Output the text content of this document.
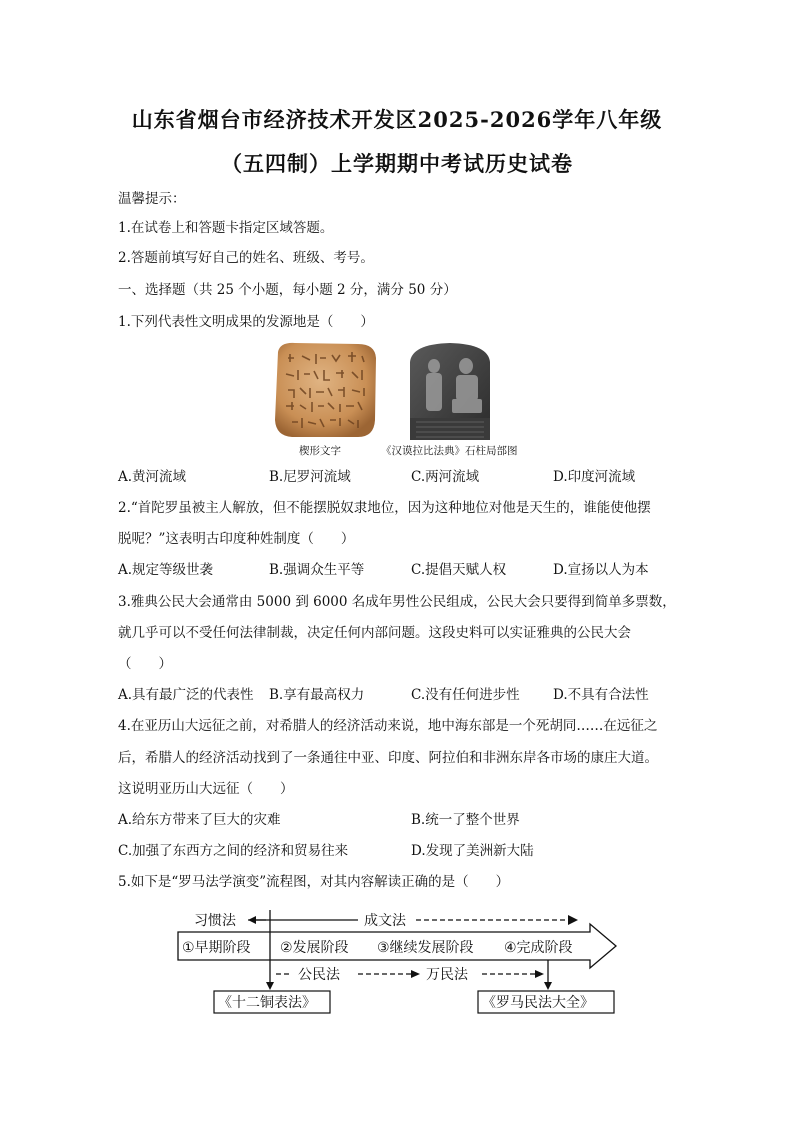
山东省烟台市经济技术开发区2025-2026学年八年级
（五四制）上学期期中考试历史试卷
温馨提示：
1.在试卷上和答题卡指定区域答题。
2.答题前填写好自己的姓名、班级、考号。
一、选择题（共 25 个小题，每小题 2 分，满分 50 分）
1.下列代表性文明成果的发源地是（　　）
楔形文字	《汉谟拉比法典》石柱局部图
A.黄河流域	B.尼罗河流域	C.两河流域	D.印度河流域
2.“首陀罗虽被主人解放，但不能摆脱奴隶地位，因为这种地位对他是天生的，谁能使他摆
脱呢？”这表明古印度种姓制度（　　）
A.规定等级世袭	B.强调众生平等	C.提倡天赋人权	D.宣扬以人为本
3.雅典公民大会通常由 5000 到 6000 名成年男性公民组成，公民大会只要得到简单多票数，
就几乎可以不受任何法律制裁，决定任何内部问题。这段史料可以实证雅典的公民大会
（　　）
A.具有最广泛的代表性 B.享有最高权力	C.没有任何进步性 D.不具有合法性
4.在亚历山大远征之前，对希腊人的经济活动来说，地中海东部是一个死胡同……在远征之
后，希腊人的经济活动找到了一条通往中亚、印度、阿拉伯和非洲东岸各市场的康庄大道。
这说明亚历山大远征（　　）
A.给东方带来了巨大的灾难	B.统一了整个世界
C.加强了东西方之间的经济和贸易往来	D.发现了美洲新大陆
5.如下是“罗马法学演变”流程图，对其内容解读正确的是（　　）
习惯法	成文法
①早期阶段 ②发展阶段 ③继续发展阶段 ④完成阶段
公民法	万民法
《十二铜表法》	《罗马民法大全》
